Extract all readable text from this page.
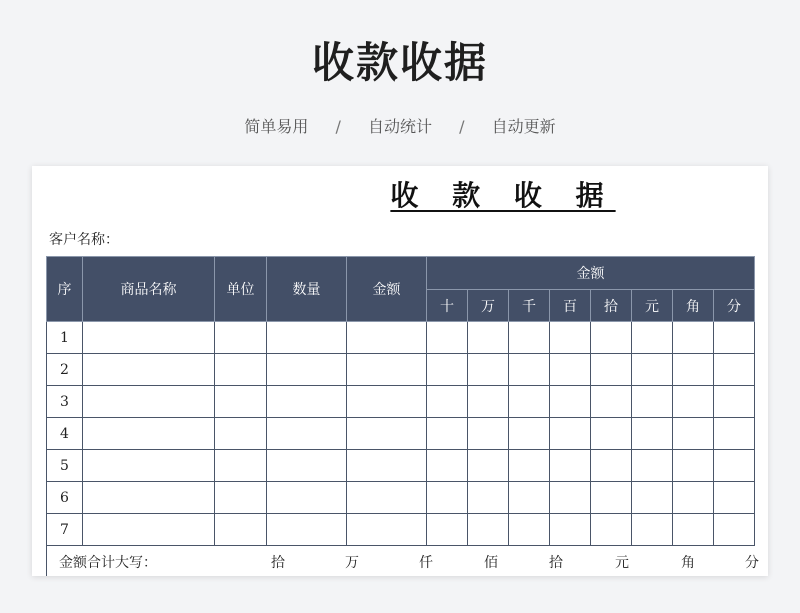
收款收据
简单易用 / 自动统计 / 自动更新
收 款 收 据
客户名称：
序	商品名称	单位	数量	金额	金额							
					十	万	千	百	拾	元	角	分
1												
2												
3												
4												
5												
6												
7												
金额合计大写：	拾	万	仟	佰	拾	元	角	分
